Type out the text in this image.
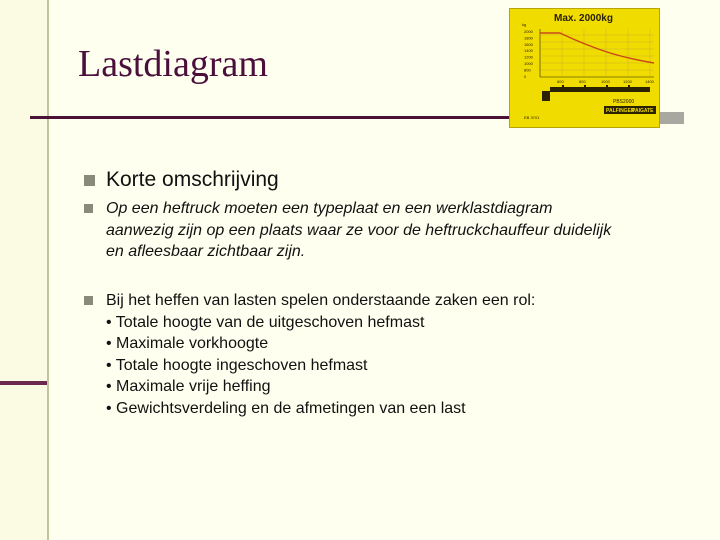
Lastdiagram
Max. 2000kg
kg
2000
1800
1600
1400
1200
1000
800
0
600	800	1000	1200	1400
PBS2000
PALFINGER
PAIGATE
EB 3701
Korte omschrijving
Op een heftruck moeten een typeplaat en een werklastdiagram
aanwezig zijn op een plaats waar ze voor de heftruckchauffeur duidelijk
en afleesbaar zichtbaar zijn.
Bij het heffen van lasten spelen onderstaande zaken een rol:
• Totale hoogte van de uitgeschoven hefmast
• Maximale vorkhoogte
• Totale hoogte ingeschoven hefmast
• Maximale vrije heffing
• Gewichtsverdeling en de afmetingen van een last
